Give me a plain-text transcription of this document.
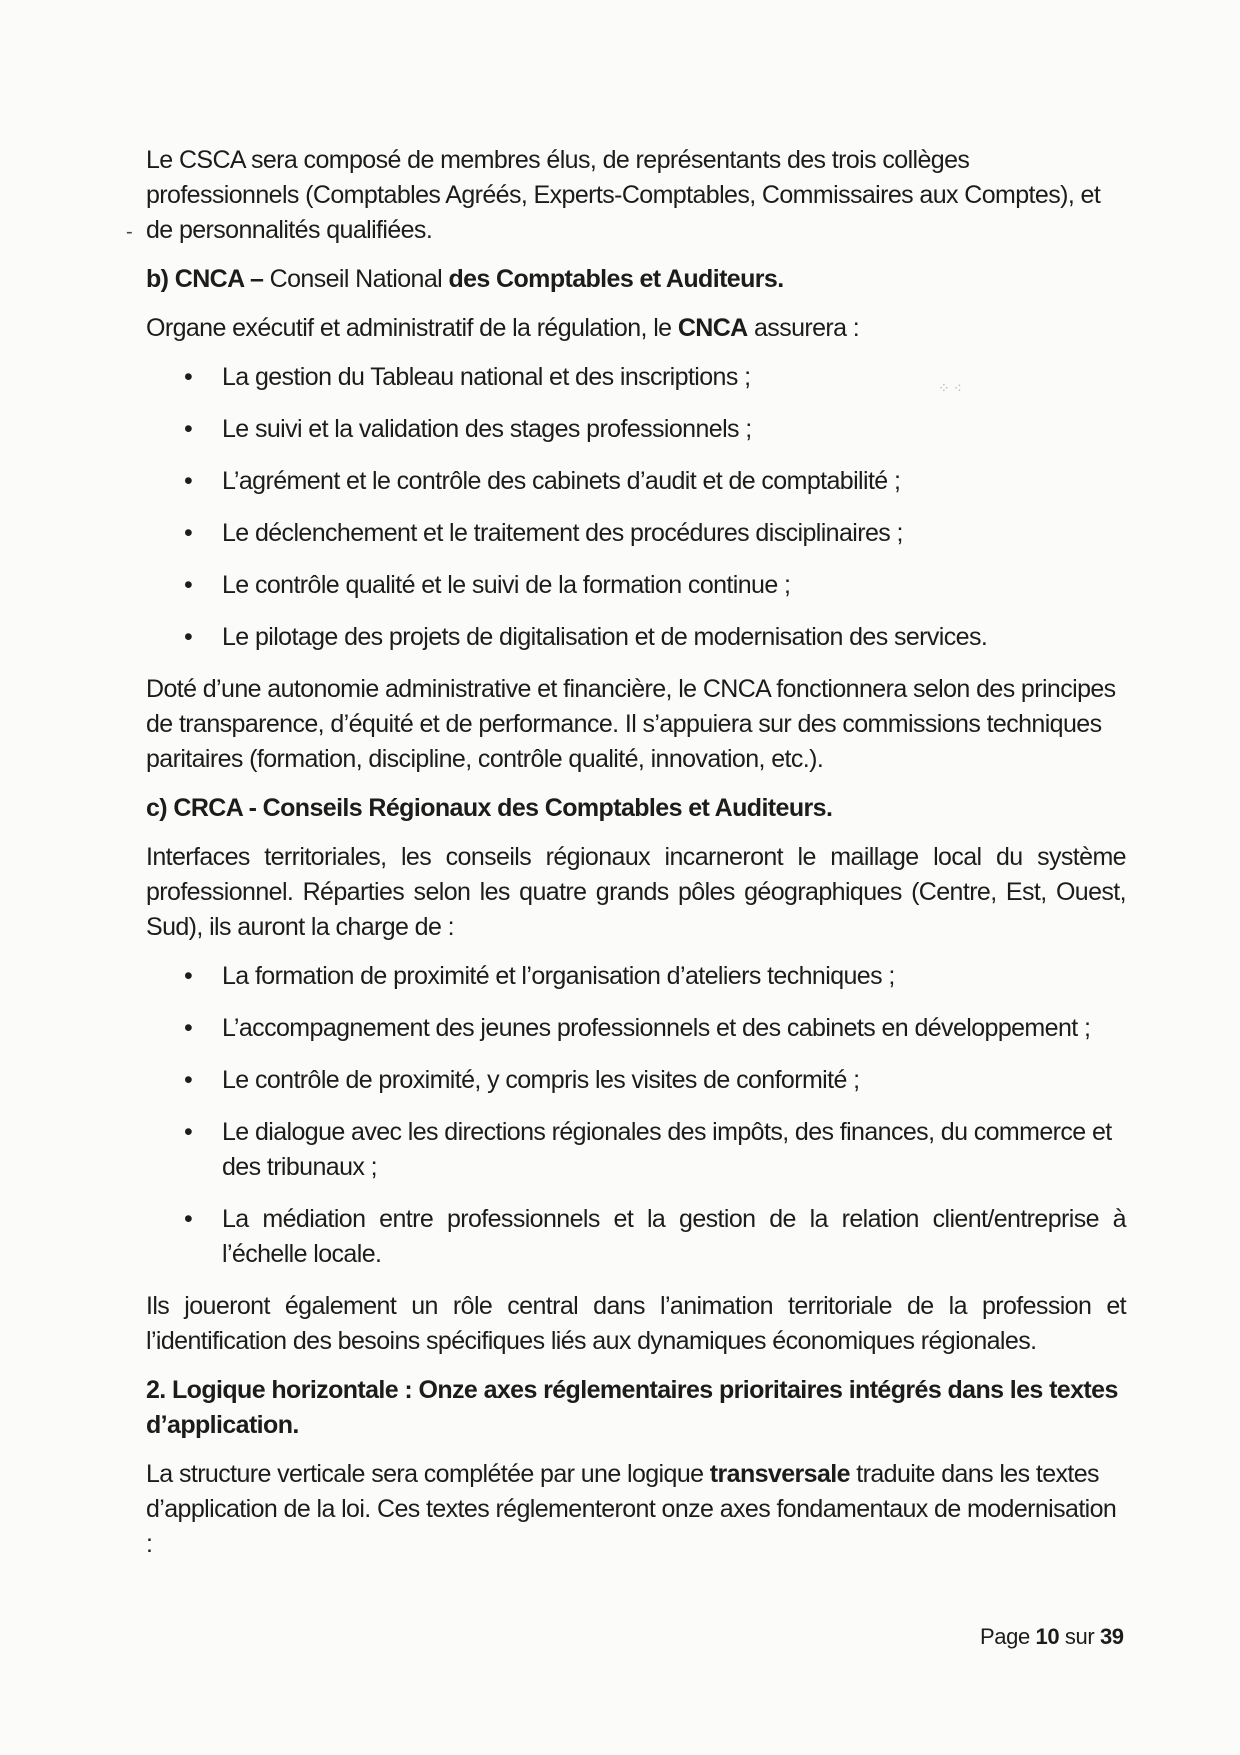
-
⁘ ⁖

Le CSCA sera composé de membres élus, de représentants des trois collèges professionnels (Comptables Agréés, Experts-Comptables, Commissaires aux Comptes), et de personnalités qualifiées.

b) CNCA – Conseil National des Comptables et Auditeurs.

Organe exécutif et administratif de la régulation, le CNCA assurera :

• La gestion du Tableau national et des inscriptions ;
• Le suivi et la validation des stages professionnels ;
• L’agrément et le contrôle des cabinets d’audit et de comptabilité ;
• Le déclenchement et le traitement des procédures disciplinaires ;
• Le contrôle qualité et le suivi de la formation continue ;
• Le pilotage des projets de digitalisation et de modernisation des services.

Doté d’une autonomie administrative et financière, le CNCA fonctionnera selon des principes de transparence, d’équité et de performance. Il s’appuiera sur des commissions techniques paritaires (formation, discipline, contrôle qualité, innovation, etc.).

c) CRCA - Conseils Régionaux des Comptables et Auditeurs.

Interfaces territoriales, les conseils régionaux incarneront le maillage local du système professionnel. Réparties selon les quatre grands pôles géographiques (Centre, Est, Ouest, Sud), ils auront la charge de :

• La formation de proximité et l’organisation d’ateliers techniques ;
• L’accompagnement des jeunes professionnels et des cabinets en développement ;
• Le contrôle de proximité, y compris les visites de conformité ;
• Le dialogue avec les directions régionales des impôts, des finances, du commerce et des tribunaux ;
• La médiation entre professionnels et la gestion de la relation client/entreprise à l’échelle locale.

Ils joueront également un rôle central dans l’animation territoriale de la profession et l’identification des besoins spécifiques liés aux dynamiques économiques régionales.

2. Logique horizontale : Onze axes réglementaires prioritaires intégrés dans les textes d’application.

La structure verticale sera complétée par une logique transversale traduite dans les textes d’application de la loi. Ces textes réglementeront onze axes fondamentaux de modernisation :

Page 10 sur 39
